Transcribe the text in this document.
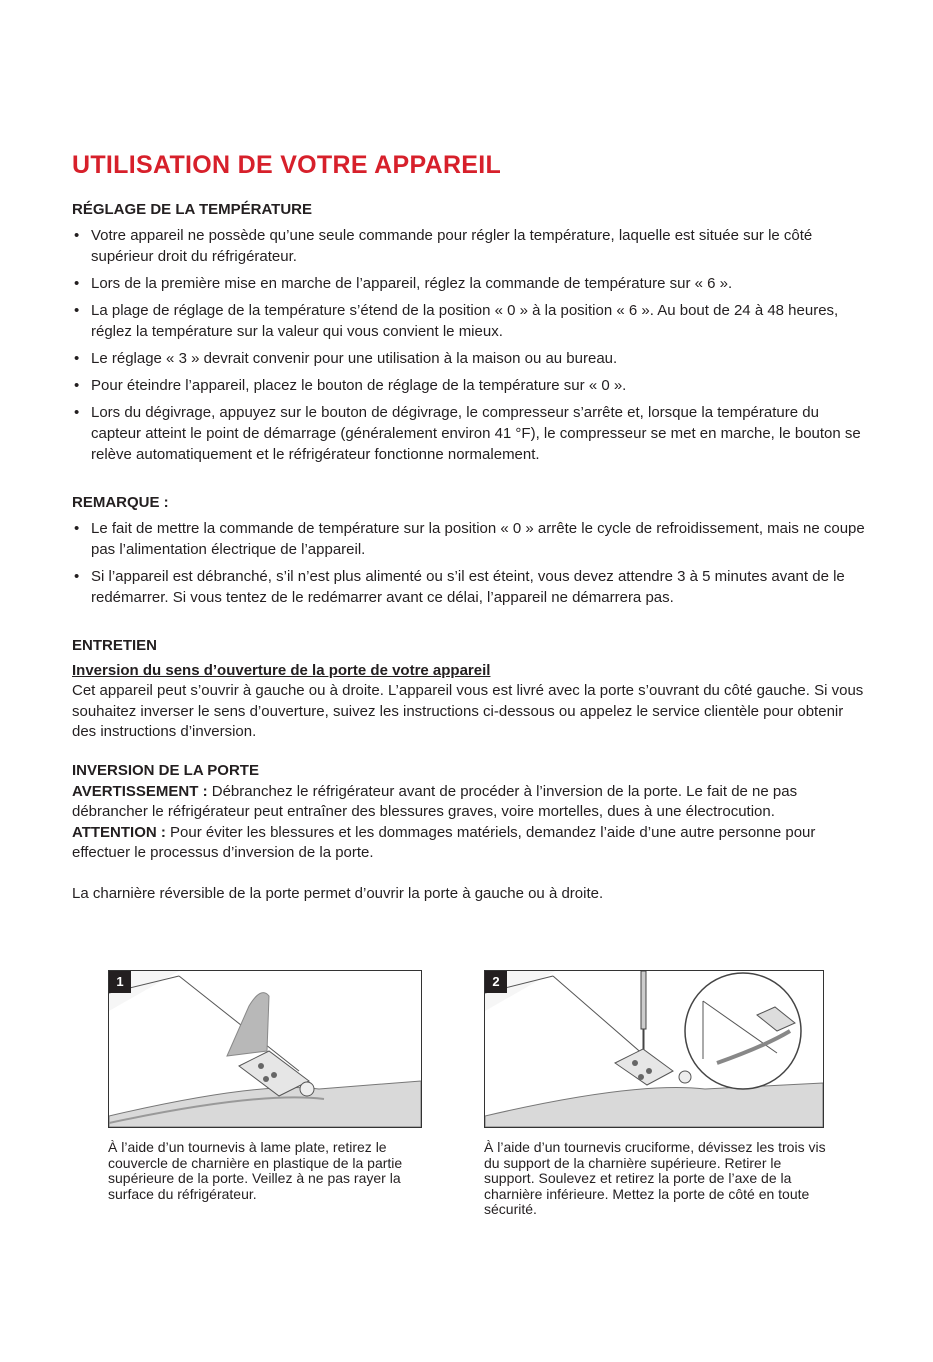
UTILISATION DE VOTRE APPAREIL
RÉGLAGE DE LA TEMPÉRATURE
• Votre appareil ne possède qu’une seule commande pour régler la température, laquelle est située sur le côté supérieur droit du réfrigérateur.
• Lors de la première mise en marche de l’appareil, réglez la commande de température sur « 6 ».
• La plage de réglage de la température s’étend de la position « 0 » à la position « 6 ». Au bout de 24 à 48 heures, réglez la température sur la valeur qui vous convient le mieux.
• Le réglage « 3 » devrait convenir pour une utilisation à la maison ou au bureau.
• Pour éteindre l’appareil, placez le bouton de réglage de la température sur « 0 ».
• Lors du dégivrage, appuyez sur le bouton de dégivrage, le compresseur s’arrête et, lorsque la température du capteur atteint le point de démarrage (généralement environ 41 °F), le compresseur se met en marche, le bouton se relève automatiquement et le réfrigérateur fonctionne normalement.
REMARQUE :
• Le fait de mettre la commande de température sur la position « 0 » arrête le cycle de refroidissement, mais ne coupe pas l’alimentation électrique de l’appareil.
• Si l’appareil est débranché, s’il n’est plus alimenté ou s’il est éteint, vous devez attendre 3 à 5 minutes avant de le redémarrer. Si vous tentez de le redémarrer avant ce délai, l’appareil ne démarrera pas.
ENTRETIEN

Inversion du sens d’ouverture de la porte de votre appareil

Cet appareil peut s’ouvrir à gauche ou à droite. L’appareil vous est livré avec la porte s’ouvrant du côté gauche. Si vous souhaitez inverser le sens d’ouverture, suivez les instructions ci-dessous ou appelez le service clientèle pour obtenir des instructions d’inversion.

INVERSION DE LA PORTE

AVERTISSEMENT : Débranchez le réfrigérateur avant de procéder à l’inversion de la porte. Le fait de ne pas débrancher le réfrigérateur peut entraîner des blessures graves, voire mortelles, dues à une électrocution.

ATTENTION : Pour éviter les blessures et les dommages matériels, demandez l’aide d’une autre personne pour effectuer le processus d’inversion de la porte.

La charnière réversible de la porte permet d’ouvrir la porte à gauche ou à droite.

1	2
À l’aide d’un tournevis à lame plate, retirez le couvercle de charnière en plastique de la partie supérieure de la porte. Veillez à ne pas rayer la surface du réfrigérateur.
À l’aide d’un tournevis cruciforme, dévissez les trois vis du support de la charnière supérieure. Retirer le support. Soulevez et retirez la porte de l’axe de la charnière inférieure. Mettez la porte de côté en toute sécurité.
